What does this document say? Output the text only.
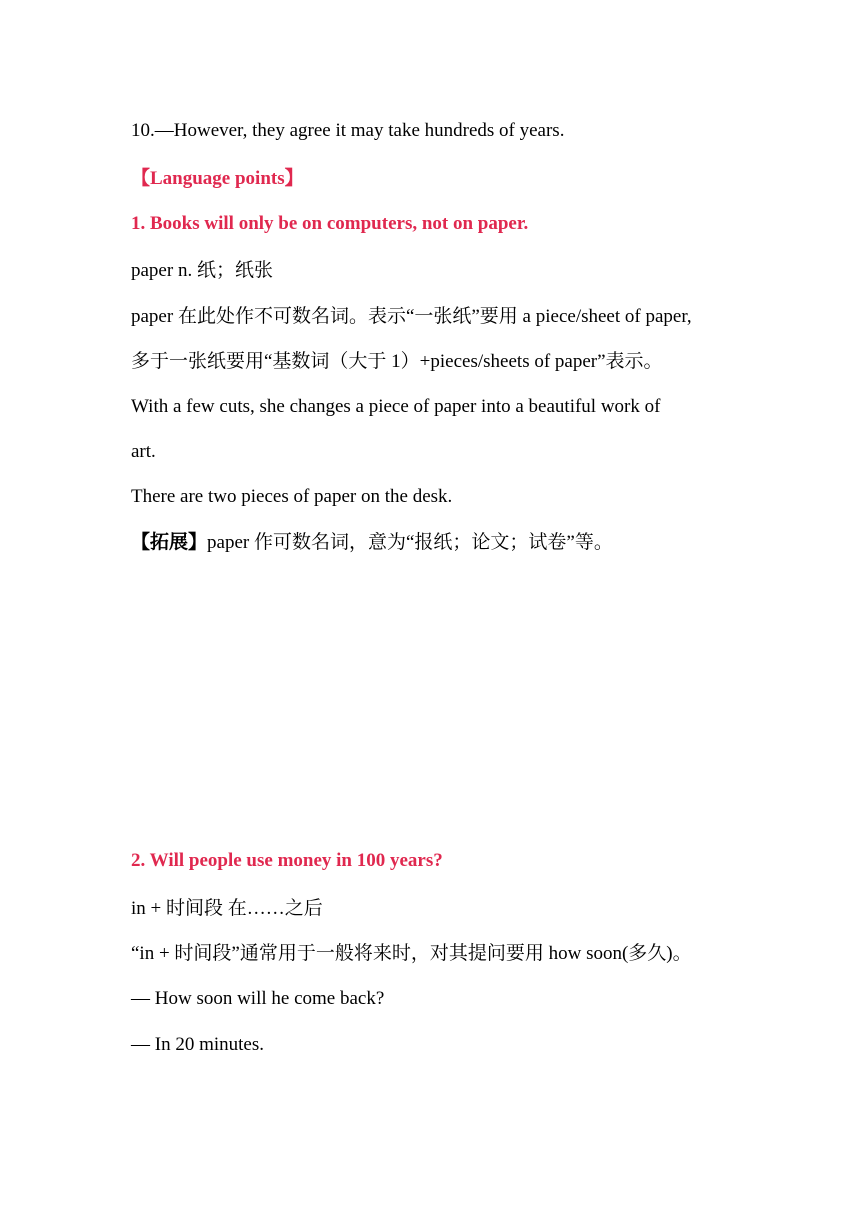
10.—However, they agree it may take hundreds of years.
【Language points】
1. Books will only be on computers, not on paper.
paper n. 纸；纸张
paper 在此处作不可数名词。表示“一张纸”要用 a piece/sheet of paper,
多于一张纸要用“基数词（大于 1）+pieces/sheets of paper”表示。
With a few cuts, she changes a piece of paper into a beautiful work of
art.
There are two pieces of paper on the desk.
【拓展】paper 作可数名词，意为“报纸；论文；试卷”等。
2. Will people use money in 100 years?
in + 时间段 在……之后
“in + 时间段”通常用于一般将来时，对其提问要用 how soon(多久)。
— How soon will he come back?
— In 20 minutes.
